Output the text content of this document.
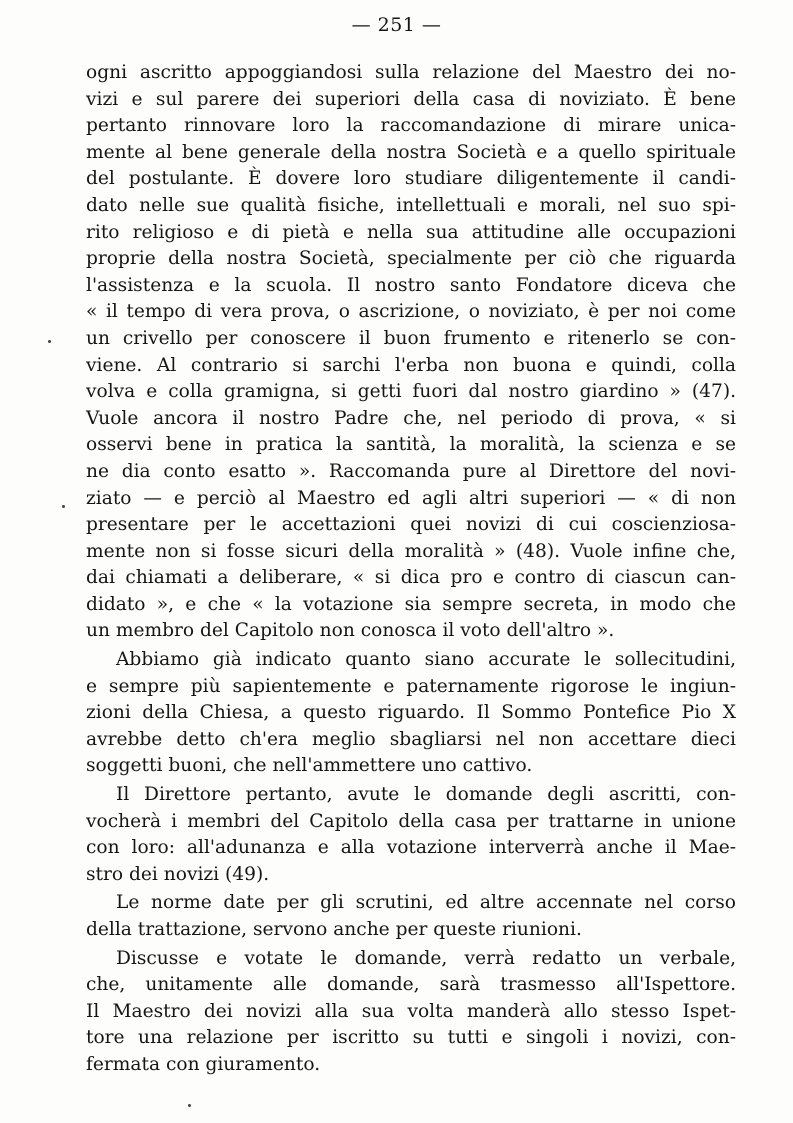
— 251 —
ogni ascritto appoggiandosi sulla relazione del Maestro dei no-
vizi e sul parere dei superiori della casa di noviziato. È bene
pertanto rinnovare loro la raccomandazione di mirare unica-
mente al bene generale della nostra Società e a quello spirituale
del postulante. È dovere loro studiare diligentemente il candi-
dato nelle sue qualità fisiche, intellettuali e morali, nel suo spi-
rito religioso e di pietà e nella sua attitudine alle occupazioni
proprie della nostra Società, specialmente per ciò che riguarda
l'assistenza e la scuola. Il nostro santo Fondatore diceva che
« il tempo di vera prova, o ascrizione, o noviziato, è per noi come
un crivello per conoscere il buon frumento e ritenerlo se con-
viene. Al contrario si sarchi l'erba non buona e quindi, colla
volva e colla gramigna, si getti fuori dal nostro giardino » (47).
Vuole ancora il nostro Padre che, nel periodo di prova, « si
osservi bene in pratica la santità, la moralità, la scienza e se
ne dia conto esatto ». Raccomanda pure al Direttore del novi-
ziato — e perciò al Maestro ed agli altri superiori — « di non
presentare per le accettazioni quei novizi di cui coscienziosa-
mente non si fosse sicuri della moralità » (48). Vuole infine che,
dai chiamati a deliberare, « si dica pro e contro di ciascun can-
didato », e che « la votazione sia sempre secreta, in modo che
un membro del Capitolo non conosca il voto dell'altro ».
Abbiamo già indicato quanto siano accurate le sollecitudini,
e sempre più sapientemente e paternamente rigorose le ingiun-
zioni della Chiesa, a questo riguardo. Il Sommo Pontefice Pio X
avrebbe detto ch'era meglio sbagliarsi nel non accettare dieci
soggetti buoni, che nell'ammettere uno cattivo.
Il Direttore pertanto, avute le domande degli ascritti, con-
vocherà i membri del Capitolo della casa per trattarne in unione
con loro: all'adunanza e alla votazione interverrà anche il Mae-
stro dei novizi (49).
Le norme date per gli scrutini, ed altre accennate nel corso
della trattazione, servono anche per queste riunioni.
Discusse e votate le domande, verrà redatto un verbale,
che, unitamente alle domande, sarà trasmesso all'Ispettore.
Il Maestro dei novizi alla sua volta manderà allo stesso Ispet-
tore una relazione per iscritto su tutti e singoli i novizi, con-
fermata con giuramento.
